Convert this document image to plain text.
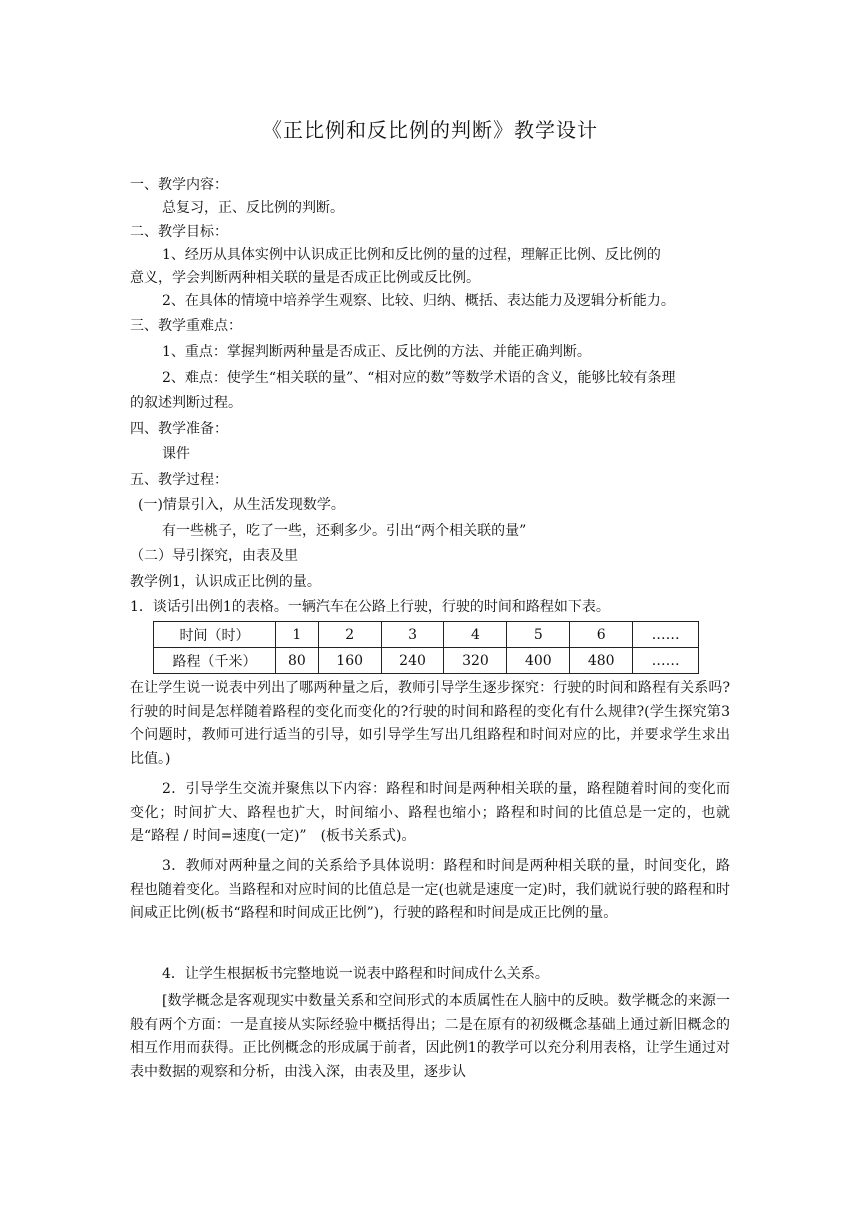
《正比例和反比例的判断》教学设计
一、教学内容：
总复习，正、反比例的判断。
二、教学目标：
1、经历从具体实例中认识成正比例和反比例的量的过程，理解正比例、反比例的
意义，学会判断两种相关联的量是否成正比例或反比例。
2、在具体的情境中培养学生观察、比较、归纳、概括、表达能力及逻辑分析能力。
三、教学重难点：
1、重点：掌握判断两种量是否成正、反比例的方法、并能正确判断。
2、难点：使学生“相关联的量”、“相对应的数”等数学术语的含义，能够比较有条理
的叙述判断过程。
四、教学准备：
课件
五、教学过程：
(一)情景引入，从生活发现数学。
有一些桃子，吃了一些，还剩多少。引出“两个相关联的量”
（二）导引探究，由表及里
教学例1，认识成正比例的量。
1．谈话引出例1的表格。一辆汽车在公路上行驶，行驶的时间和路程如下表。
时间（时）	1	2	3	4	5	6	……
路程（千米）	80	160	240	320	400	480	……
在让学生说一说表中列出了哪两种量之后，教师引导学生逐步探究：行驶的时间和路程有关系吗?行驶的时间是怎样随着路程的变化而变化的?行驶的时间和路程的变化有什么规律?(学生探究第3个问题时，教师可进行适当的引导，如引导学生写出几组路程和时间对应的比，并要求学生求出比值。)
2．引导学生交流并聚焦以下内容：路程和时间是两种相关联的量，路程随着时间的变化而变化；时间扩大、路程也扩大，时间缩小、路程也缩小；路程和时间的比值总是一定的，也就是“路程 / 时间=速度(一定)”　(板书关系式)。
3．教师对两种量之间的关系给予具体说明：路程和时间是两种相关联的量，时间变化，路程也随着变化。当路程和对应时间的比值总是一定(也就是速度一定)时，我们就说行驶的路程和时间咸正比例(板书“路程和时间成正比例”)，行驶的路程和时间是成正比例的量。
4．让学生根据板书完整地说一说表中路程和时间成什么关系。
[数学概念是客观现实中数量关系和空间形式的本质属性在人脑中的反映。数学概念的来源一般有两个方面：一是直接从实际经验中概括得出；二是在原有的初级概念基础上通过新旧概念的相互作用而获得。正比例概念的形成属于前者，因此例1的教学可以充分利用表格，让学生通过对表中数据的观察和分析，由浅入深，由表及里，逐步认
